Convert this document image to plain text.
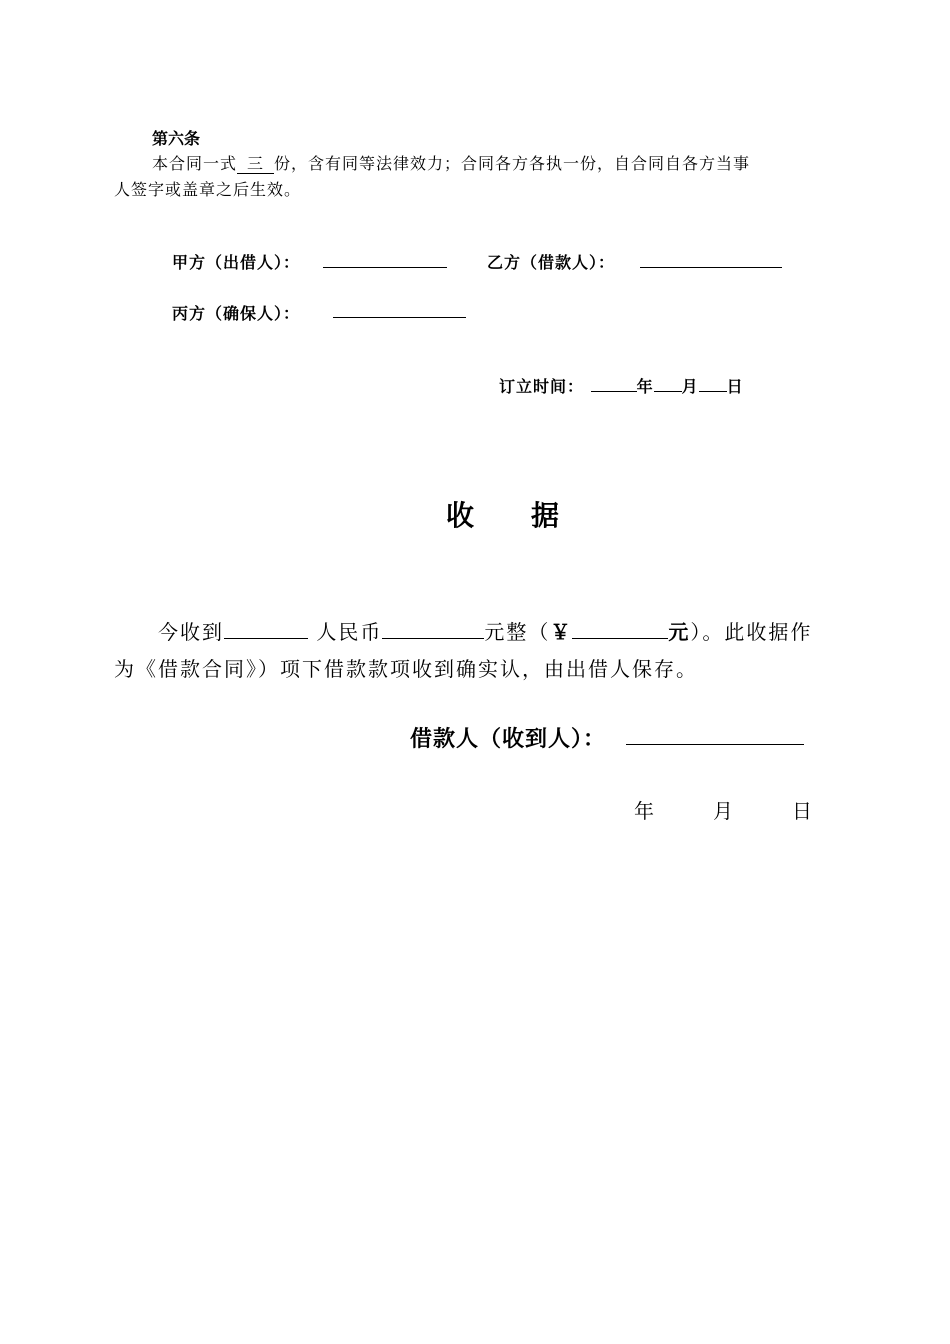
第六条
本合同一式 三 份，含有同等法律效力；合同各方各执一份，自合同自各方当事
人签字或盖章之后生效。
甲方（出借人）：	乙方（借款人）：
丙方（确保人）：
订立时间：	年 月 日
收 据
今收到	人民币	元整（￥	元）。此收据作
为《借款合同》）项下借款款项收到确实认，由出借人保存。
借款人（收到人）：
年	月	日
